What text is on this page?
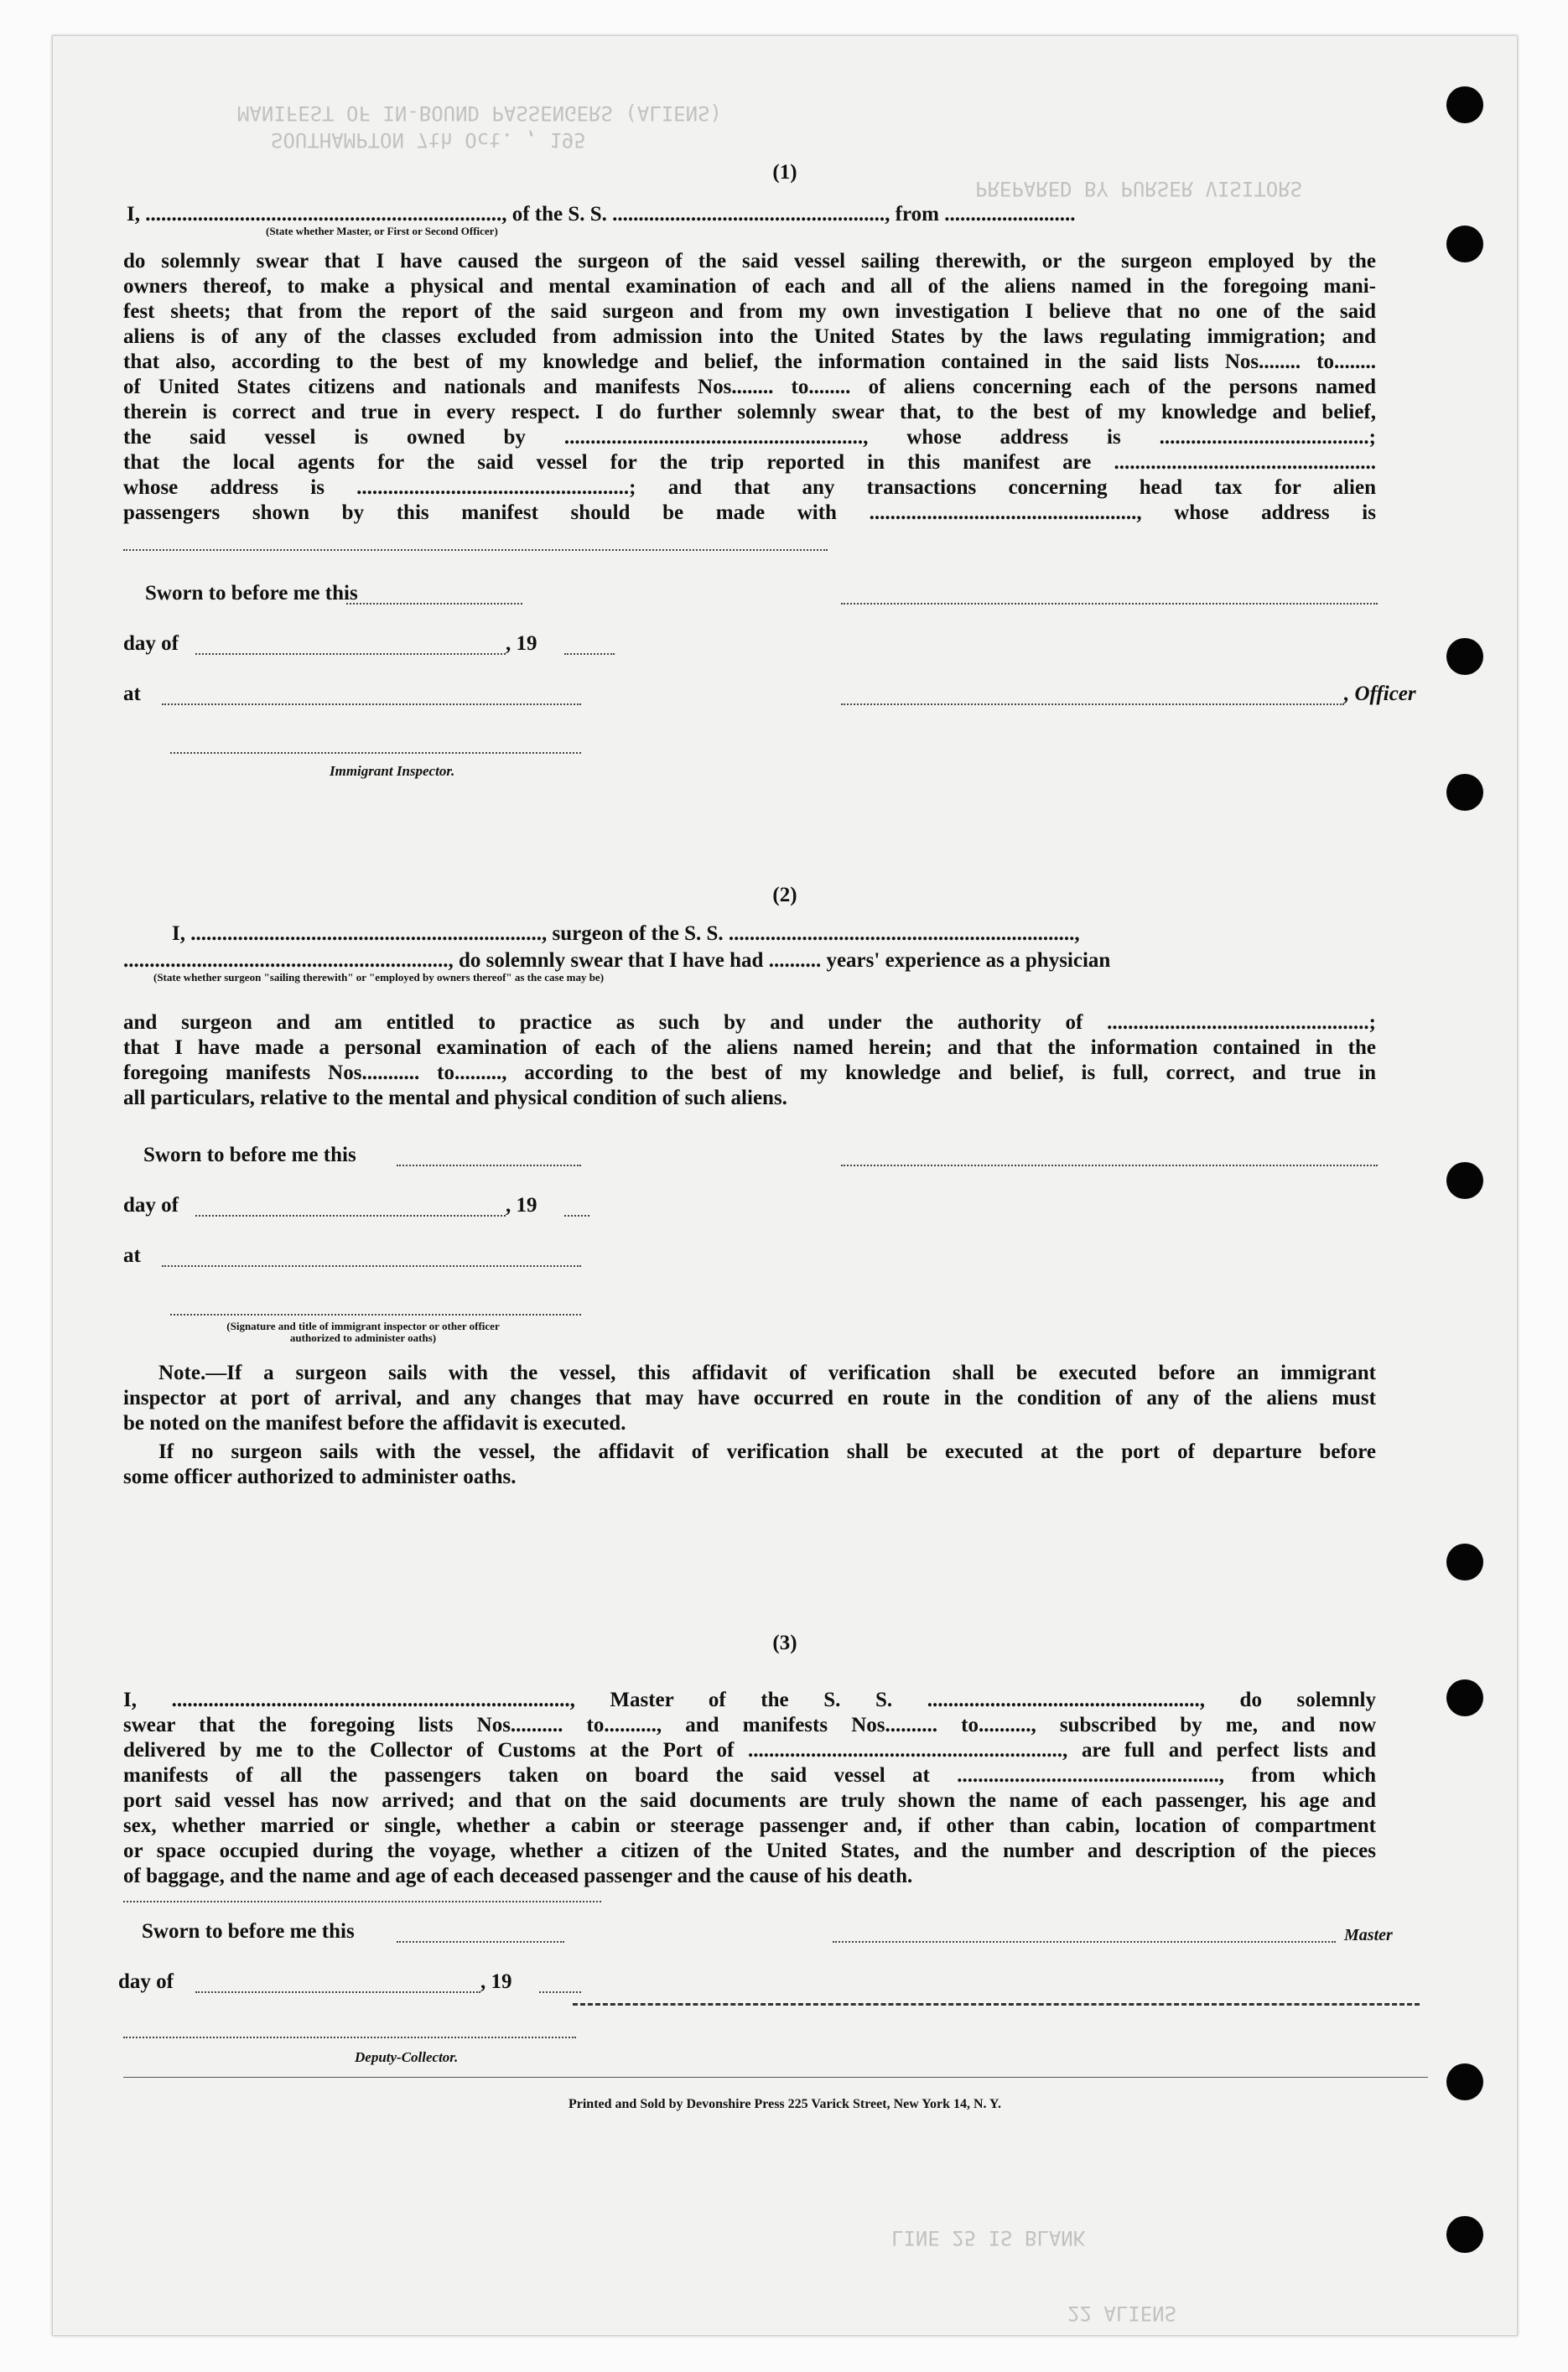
MANIFEST OF IN-BOUND PASSENGERS (ALIENS)
SOUTHAMPTON 7th Oct. , 195
PREPARED BY PURSER VISITORS
LINE 25 IS BLANK
22 ALIENS
(1)
I, ...................................................................., of the S. S. ...................................................., from .........................
(State whether Master, or First or Second Officer)
do solemnly swear that I have caused the surgeon of the said vessel sailing therewith, or the surgeon employed by the
owners thereof, to make a physical and mental examination of each and all of the aliens named in the foregoing mani-
fest sheets; that from the report of the said surgeon and from my own investigation I believe that no one of the said
aliens is of any of the classes excluded from admission into the United States by the laws regulating immigration; and
that also, according to the best of my knowledge and belief, the information contained in the said lists Nos........ to........
of United States citizens and nationals and manifests Nos........ to........ of aliens concerning each of the persons named
therein is correct and true in every respect. I do further solemnly swear that, to the best of my knowledge and belief,
the said vessel is owned by ........................................................., whose address is ........................................;
that the local agents for the said vessel for the trip reported in this manifest are ..................................................
whose address is ....................................................; and that any transactions concerning head tax for alien
passengers shown by this manifest should be made with ..................................................., whose address is
Sworn to before me this
day of	, 19
at	, Officer
Immigrant Inspector.
(2)
I, ..................................................................., surgeon of the S. S. ..................................................................,
.............................................................., do solemnly swear that I have had .......... years' experience as a physician
(State whether surgeon "sailing therewith" or "employed by owners thereof" as the case may be)
and surgeon and am entitled to practice as such by and under the authority of ..................................................;
that I have made a personal examination of each of the aliens named herein; and that the information contained in the
foregoing manifests Nos........... to........., according to the best of my knowledge and belief, is full, correct, and true in
all particulars, relative to the mental and physical condition of such aliens.
Sworn to before me this
day of	, 19
at
(Signature and title of immigrant inspector or other officer authorized to administer oaths)
Note.—If a surgeon sails with the vessel, this affidavit of verification shall be executed before an immigrant
inspector at port of arrival, and any changes that may have occurred en route in the condition of any of the aliens must
be noted on the manifest before the affidavit is executed.
If no surgeon sails with the vessel, the affidavit of verification shall be executed at the port of departure before
some officer authorized to administer oaths.
(3)
I, ............................................................................, Master of the S. S. ...................................................., do solemnly
swear that the foregoing lists Nos.......... to.........., and manifests Nos.......... to.........., subscribed by me, and now
delivered by me to the Collector of Customs at the Port of ............................................................, are full and perfect lists and
manifests of all the passengers taken on board the said vessel at .................................................., from which
port said vessel has now arrived; and that on the said documents are truly shown the name of each passenger, his age and
sex, whether married or single, whether a cabin or steerage passenger and, if other than cabin, location of compartment
or space occupied during the voyage, whether a citizen of the United States, and the number and description of the pieces
of baggage, and the name and age of each deceased passenger and the cause of his death.
Sworn to before me this	Master
day of	, 19
Deputy-Collector.
Printed and Sold by Devonshire Press 225 Varick Street, New York 14, N. Y.
